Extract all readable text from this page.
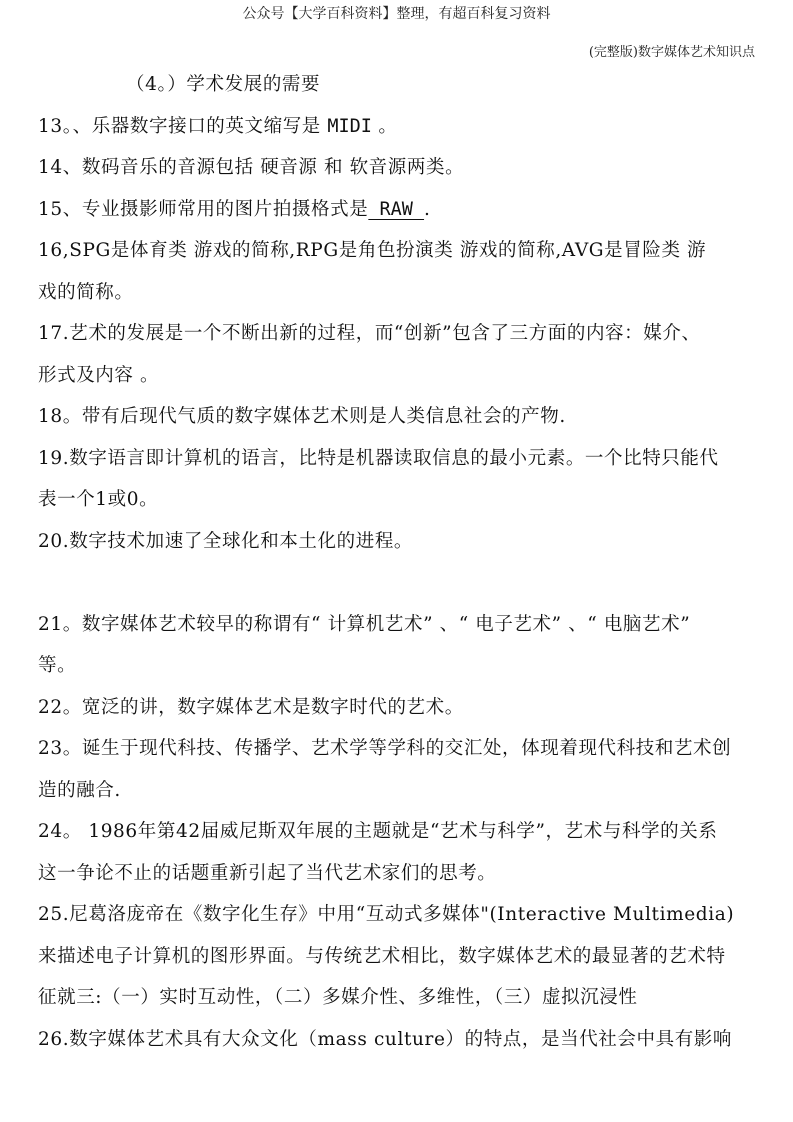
公众号【大学百科资料】整理，有超百科复习资料
(完整版)数字媒体艺术知识点
（4。）学术发展的需要
13。、乐器数字接口的英文缩写是 MIDI 。
14、数码音乐的音源包括 硬音源 和 软音源两类。
15、专业摄影师常用的图片拍摄格式是 RAW .
16,SPG是体育类 游戏的简称,RPG是角色扮演类 游戏的简称,AVG是冒险类 游
戏的简称。
17.艺术的发展是一个不断出新的过程，而“创新”包含了三方面的内容：媒介、
形式及内容 。
18。带有后现代气质的数字媒体艺术则是人类信息社会的产物.
19.数字语言即计算机的语言，比特是机器读取信息的最小元素。一个比特只能代
表一个1或0。
20.数字技术加速了全球化和本土化的进程。
21。数字媒体艺术较早的称谓有“ 计算机艺术” 、“ 电子艺术” 、“ 电脑艺术”
等。
22。宽泛的讲，数字媒体艺术是数字时代的艺术。
23。诞生于现代科技、传播学、艺术学等学科的交汇处，体现着现代科技和艺术创
造的融合.
24。 1986年第42届威尼斯双年展的主题就是“艺术与科学”，艺术与科学的关系
这一争论不止的话题重新引起了当代艺术家们的思考。
25.尼葛洛庞帝在《数字化生存》中用“互动式多媒体"(Interactive Multimedia)
来描述电子计算机的图形界面。与传统艺术相比，数字媒体艺术的最显著的艺术特
征就三:（一）实时互动性，（二）多媒介性、多维性，（三）虚拟沉浸性
26.数字媒体艺术具有大众文化（mass culture）的特点，是当代社会中具有影响
